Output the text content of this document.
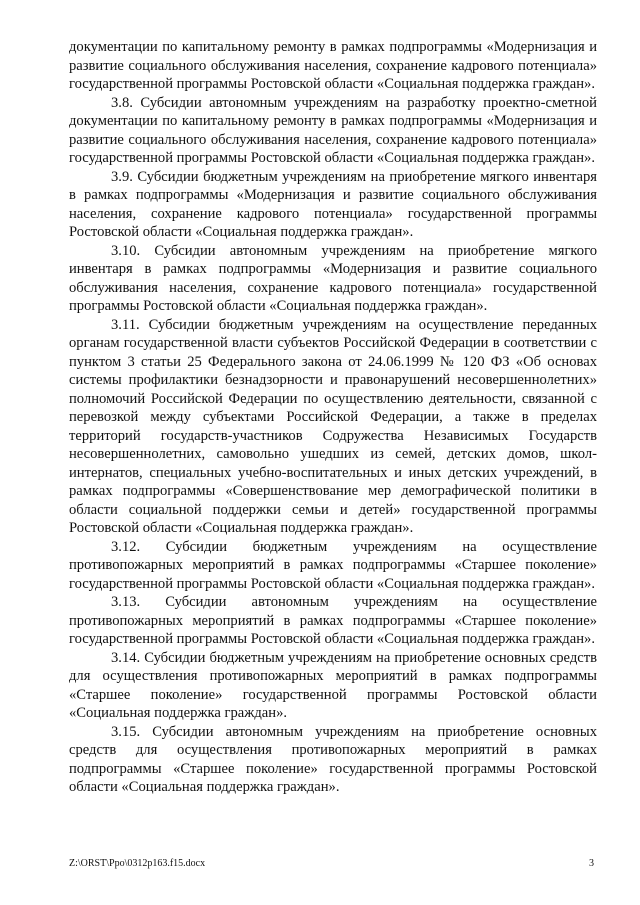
документации по капитальному ремонту в рамках подпрограммы «Модернизация и развитие социального обслуживания населения, сохранение кадрового потенциала» государственной программы Ростовской области «Социальная поддержка граждан».

3.8. Субсидии автономным учреждениям на разработку проектно-сметной документации по капитальному ремонту в рамках подпрограммы «Модернизация и развитие социального обслуживания населения, сохранение кадрового потенциала» государственной программы Ростовской области «Социальная поддержка граждан».

3.9. Субсидии бюджетным учреждениям на приобретение мягкого инвентаря в рамках подпрограммы «Модернизация и развитие социального обслуживания населения, сохранение кадрового потенциала» государственной программы Ростовской области «Социальная поддержка граждан».

3.10. Субсидии автономным учреждениям на приобретение мягкого инвентаря в рамках подпрограммы «Модернизация и развитие социального обслуживания населения, сохранение кадрового потенциала» государственной программы Ростовской области «Социальная поддержка граждан».

3.11. Субсидии бюджетным учреждениям на осуществление переданных органам государственной власти субъектов Российской Федерации в соответствии с пунктом 3 статьи 25 Федерального закона от 24.06.1999 № 120 ФЗ «Об основах системы профилактики безнадзорности и правонарушений несовершеннолетних» полномочий Российской Федерации по осуществлению деятельности, связанной с перевозкой между субъектами Российской Федерации, а также в пределах территорий государств-участников Содружества Независимых Государств несовершеннолетних, самовольно ушедших из семей, детских домов, школ-интернатов, специальных учебно-воспитательных и иных детских учреждений, в рамках подпрограммы «Совершенствование мер демографической политики в области социальной поддержки семьи и детей» государственной программы Ростовской области «Социальная поддержка граждан».

3.12. Субсидии бюджетным учреждениям на осуществление противопожарных мероприятий в рамках подпрограммы «Старшее поколение» государственной программы Ростовской области «Социальная поддержка граждан».

3.13. Субсидии автономным учреждениям на осуществление противопожарных мероприятий в рамках подпрограммы «Старшее поколение» государственной программы Ростовской области «Социальная поддержка граждан».

3.14. Субсидии бюджетным учреждениям на приобретение основных средств для осуществления противопожарных мероприятий в рамках подпрограммы «Старшее поколение» государственной программы Ростовской области «Социальная поддержка граждан».

3.15. Субсидии автономным учреждениям на приобретение основных средств для осуществления противопожарных мероприятий в рамках подпрограммы «Старшее поколение» государственной программы Ростовской области «Социальная поддержка граждан».

Z:\ORST\Ppo\0312p163.f15.docx	3
